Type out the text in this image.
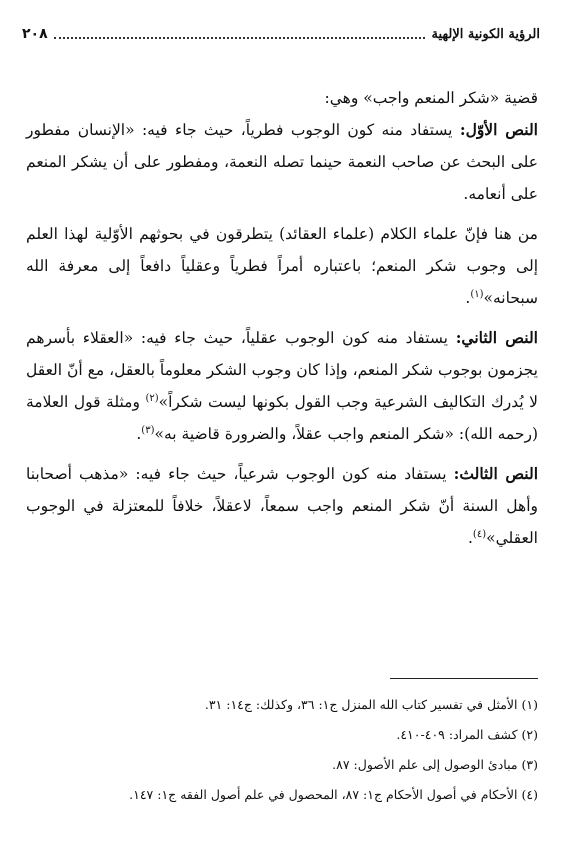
الرؤية الكونية الإلهية
٢٠٨

قضية «شكر المنعم واجب» وهي:

النص الأوّل: يستفاد منه كون الوجوب فطرياً، حيث جاء فيه: «الإنسان مفطور على البحث عن صاحب النعمة حينما تصله النعمة، ومفطور على أن يشكر المنعم على أنعامه.

من هنا فإنّ علماء الكلام (علماء العقائد) يتطرقون في بحوثهم الأوّلية لهذا العلم إلى وجوب شكر المنعم؛ باعتباره أمراً فطرياً وعقلياً دافعاً إلى معرفة الله سبحانه»$^{(١)}$.

النص الثاني: يستفاد منه كون الوجوب عقلياً، حيث جاء فيه: «العقلاء بأسرهم يجزمون بوجوب شكر المنعم، وإذا كان وجوب الشكر معلوماً بالعقل، مع أنّ العقل لا يُدرك التكاليف الشرعية وجب القول بكونها ليست شكراً»$^{(٢)}$ ومثلة قول العلامة (رحمه الله): «شكر المنعم واجب عقلاً، والضرورة قاضية به»$^{(٣)}$.

النص الثالث: يستفاد منه كون الوجوب شرعياً، حيث جاء فيه: «مذهب أصحابنا وأهل السنة أنّ شكر المنعم واجب سمعاً، لاعقلاً، خلافاً للمعتزلة في الوجوب العقلي»$^{(٤)}$.

(١) الأمثل في تفسير كتاب الله المنزل ج١: ٣٦، وكذلك: ج١٤: ٣١.
(٢) كشف المراد: ٤٠٩-٤١٠.
(٣) مبادئ الوصول إلى علم الأصول: ٨٧.
(٤) الأحكام في أصول الأحكام ج١: ٨٧، المحصول في علم أصول الفقه ج١: ١٤٧.
